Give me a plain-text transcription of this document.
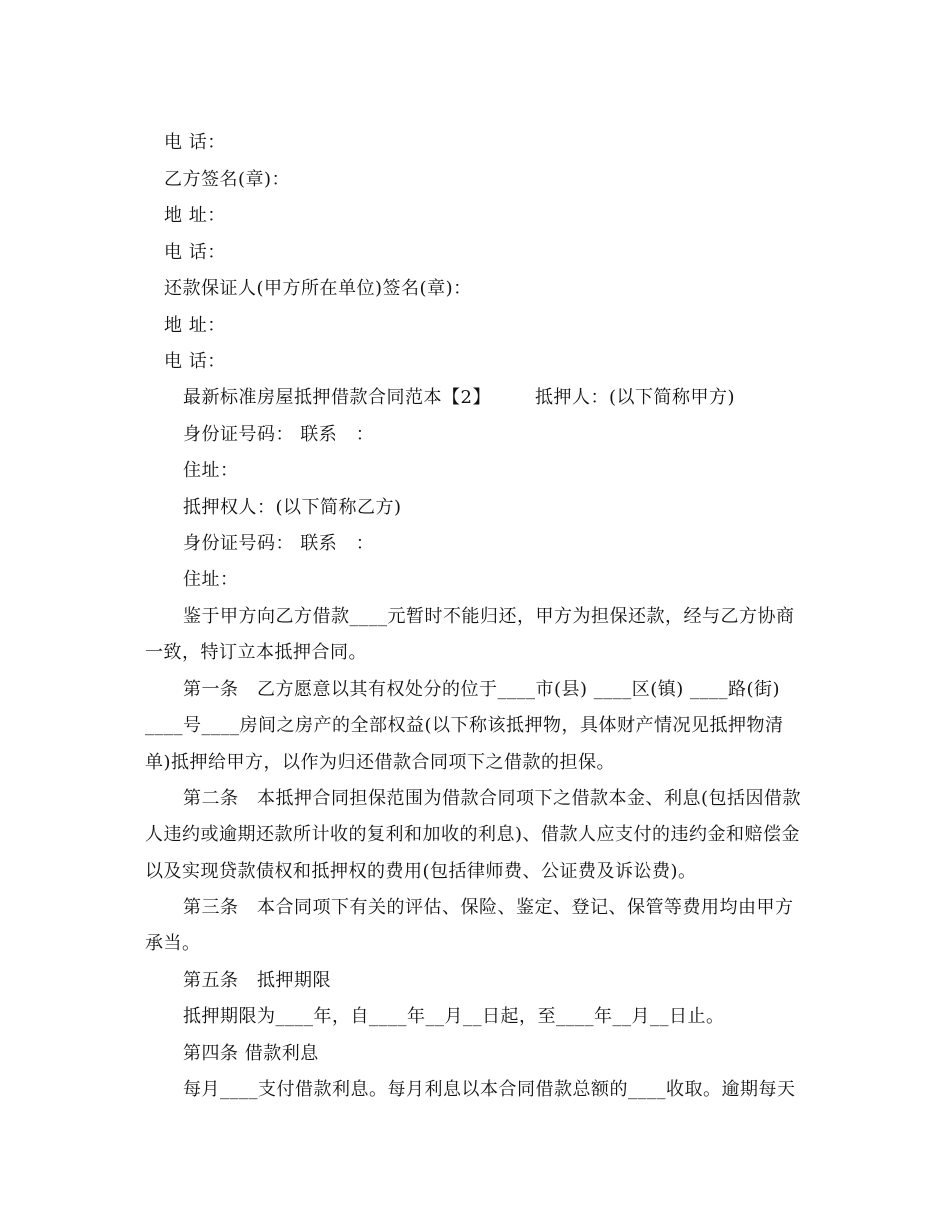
电 话：
乙方签名(章)：
地 址：
电 话：
还款保证人(甲方所在单位)签名(章)：
地 址：
电 话：
最新标准房屋抵押借款合同范本【2】 抵押人：(以下简称甲方)
身份证号码： 联系　：
住址：
抵押权人：(以下简称乙方)
身份证号码： 联系　：
住址：
鉴于甲方向乙方借款____元暂时不能归还，甲方为担保还款，经与乙方协商
一致，特订立本抵押合同。
第一条　乙方愿意以其有权处分的位于____市(县) ____区(镇) ____路(街)
____号____房间之房产的全部权益(以下称该抵押物，具体财产情况见抵押物清
单)抵押给甲方，以作为归还借款合同项下之借款的担保。
第二条　本抵押合同担保范围为借款合同项下之借款本金、利息(包括因借款
人违约或逾期还款所计收的复利和加收的利息)、借款人应支付的违约金和赔偿金
以及实现贷款债权和抵押权的费用(包括律师费、公证费及诉讼费)。
第三条　本合同项下有关的评估、保险、鉴定、登记、保管等费用均由甲方
承当。
第五条　抵押期限
抵押期限为____年，自____年__月__日起，至____年__月__日止。
第四条 借款利息
每月____支付借款利息。每月利息以本合同借款总额的____收取。逾期每天
